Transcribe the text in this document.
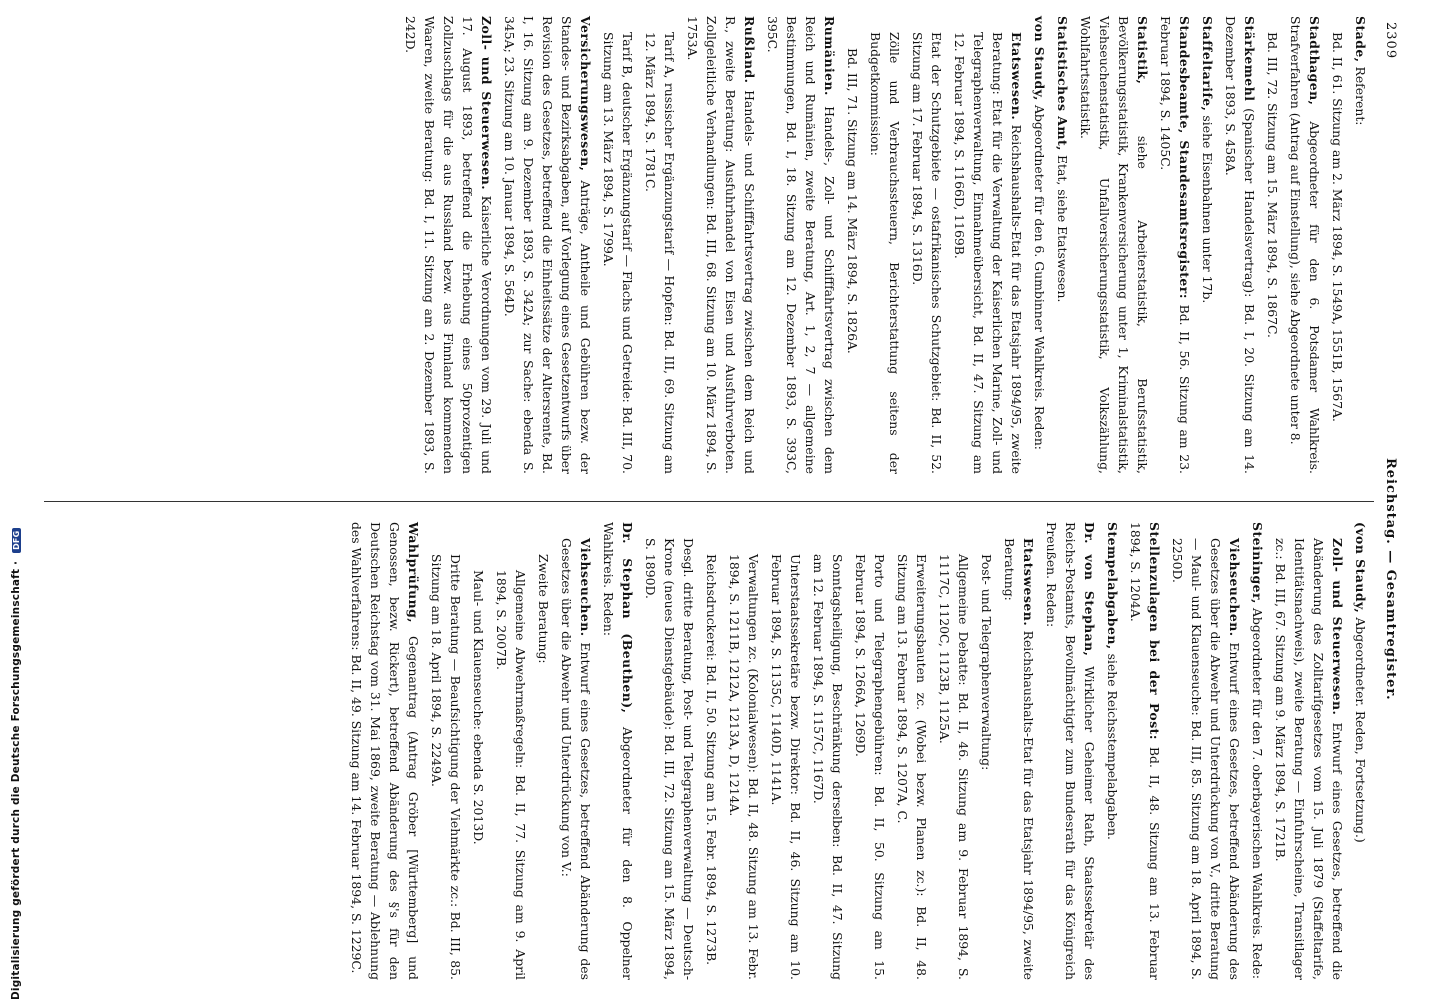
2309
Reichstag. — Gesamtregister.

Stade, Referent:

Bd. II, 61. Sitzung am 2. März 1894, S. 1549A, 1551B, 1567A.

Stadthagen, Abgeordneter für den 6. Potsdamer Wahlkreis. Strafverfahren (Antrag auf Einstellung), siehe Abgeordnete unter 8.

Bd. III, 72. Sitzung am 15. März 1894, S. 1867C.

Stärkemehl (Spanischer Handelsvertrag): Bd. I, 20. Sitzung am 14. Dezember 1893, S. 458A.

Staffeltarife, siehe Eisenbahnen unter 17b.

Standesbeamte, Standesamtsregister: Bd. II, 56. Sitzung am 23. Februar 1894, S. 1405C.

Statistik, siehe Arbeiterstatistik, Berufsstatistik, Bevölkerungsstatistik, Krankenversicherung unter 1, Kriminalstatistik, Viehseuchenstatistik, Unfallversicherungsstatistik, Volkszählung, Wohlfahrtsstatistik.

Statistisches Amt, Etat, siehe Etatswesen.

von Staudy, Abgeordneter für den 6. Gumbinner Wahlkreis. Reden:

Etatswesen. Reichshaushalts-Etat für das Etatsjahr 1894/95, zweite Beratung: Etat für die Verwaltung der Kaiserlichen Marine, Zoll- und Telegraphenverwaltung, Einnahmeübersicht, Bd. II, 47. Sitzung am 12. Februar 1894, S. 1166D, 1169B.

Etat der Schutzgebiete — ostafrikanisches Schutzgebiet: Bd. II, 52. Sitzung am 17. Februar 1894, S. 1316D.

Zölle und Verbrauchssteuern, Berichterstattung seitens der Budgetkommission:

Bd. III, 71. Sitzung am 14. März 1894, S. 1826A.

Rumänien. Handels-, Zoll- und Schifffahrtsvertrag zwischen dem Reich und Rumänien, zweite Beratung, Art. 1, 2, 7 — allgemeine Bestimmungen, Bd. I, 18. Sitzung am 12. Dezember 1893, S. 393C, 395C.

Rußland. Handels- und Schifffahrtsvertrag zwischen dem Reich und R., zweite Beratung: Ausfuhrhandel von Eisen und Ausfuhrverboten. Zollgeleitliche Verhandlungen: Bd. III, 68. Sitzung am 10. März 1894, S. 1753A.

Tarif A, russischer Ergänzungstarif — Hopfen: Bd. III, 69. Sitzung am 12. März 1894, S. 1781C.

Tarif B, deutscher Ergänzungstarif — Flachs und Getreide: Bd. III, 70. Sitzung am 13. März 1894, S. 1799A.

Versicherungswesen, Anträge, Antheile und Gebühren bezw. der Standes- und Bezirksabgaben, auf Vorlegung eines Gesetzentwurfs über Revision des Gesetzes, betreffend die Einheitssätze der Altersrente, Bd. I, 16. Sitzung am 9. Dezember 1893, S. 342A; zur Sache: ebenda S. 345A; 23. Sitzung am 10. Januar 1894, S. 564D.

Zoll- und Steuerwesen. Kaiserliche Verordnungen vom 29. Juli und 17. August 1893, betreffend die Erhebung eines 50prozentigen Zollzuschlags für die aus Russland bezw. aus Finnland kommenden Waaren, zweite Beratung: Bd. I, 11. Sitzung am 2. Dezember 1893, S. 242D.

(von Staudy, Abgeordneter. Reden, Fortsetzung.)

Zoll- und Steuerwesen. Entwurf eines Gesetzes, betreffend die Abänderung des Zolltarifgesetzes vom 15. Juli 1879 (Staffeltarife, Identitätsnachweis), zweite Beratung — Einfuhrscheine, Transitlager zc.: Bd. III, 67. Sitzung am 9. März 1894, S. 1721B.

Steininger, Abgeordneter für den 7. oberbayerischen Wahlkreis. Rede:

Viehseuchen. Entwurf eines Gesetzes, betreffend Abänderung des Gesetzes über die Abwehr und Unterdrückung von V., dritte Beratung — Maul- und Klauenseuche: Bd. III, 85. Sitzung am 18. April 1894, S. 2250D.

Stellenzulagen bei der Post: Bd. II, 48. Sitzung am 13. Februar 1894, S. 1204A.

Stempelabgaben, siehe Reichsstempelabgaben.

Dr. von Stephan, Wirklicher Geheimer Rath, Staatssekretär des Reichs-Postamts, Bevollmächtigter zum Bundesrath für das Königreich Preußen. Reden:

Etatswesen. Reichshaushalts-Etat für das Etatsjahr 1894/95, zweite Beratung:

Post- und Telegraphenverwaltung:

Allgemeine Debatte: Bd. II, 46. Sitzung am 9. Februar 1894, S. 1117C, 1120C, 1123B, 1125A.

Erweiterungsbauten zc. (Wobei bezw. Planen zc.): Bd. II, 48. Sitzung am 13. Februar 1894, S. 1207A, C.

Porto und Telegraphengebühren: Bd. II, 50. Sitzung am 15. Februar 1894, S. 1266A, 1269D.

Sonntagsheiligung, Beschränkung derselben: Bd. II, 47. Sitzung am 12. Februar 1894, S. 1157C, 1167D.

Unterstaatssekretäre bezw. Direktor: Bd. II, 46. Sitzung am 10. Februar 1894, S. 1135C, 1140D, 1141A.

Verwaltungen zc. (Kolonialwesen): Bd. II, 48. Sitzung am 13. Febr. 1894, S. 1211B, 1212A, 1213A, D, 1214A.

Reichsdruckerei: Bd. II, 50. Sitzung am 15. Febr. 1894, S. 1273B.

Desgl. dritte Beratung, Post- und Telegraphenverwaltung — Deutsch-Krone (neues Dienstgebäude): Bd. III, 72. Sitzung am 15. März 1894, S. 1890D.

Dr. Stephan (Beuthen), Abgeordneter für den 8. Oppelner Wahlkreis. Reden:

Viehseuchen. Entwurf eines Gesetzes, betreffend Abänderung des Gesetzes über die Abwehr und Unterdrückung von V.:

Zweite Beratung:

Allgemeine Abwehrmaßregeln: Bd. II, 77. Sitzung am 9. April 1894, S. 2007B.

Maul- und Klauenseuche: ebenda S. 2013D.

Dritte Beratung — Beaufsichtigung der Viehmärkte zc.: Bd. III, 85. Sitzung am 18. April 1894, S. 2249A.

Wahlprüfung, Gegenantrag (Antrag Gröber [Württemberg] und Genossen, bezw. Rickert), betreffend Abänderung des §'s für den Deutschen Reichstag vom 31. Mai 1869, zweite Beratung — Ablehnung des Wahlverfahrens: Bd. II, 49. Sitzung am 14. Februar 1894, S. 1229C.

Digitalisierung gefördert durch die Deutsche Forschungsgemeinschaft · DFG
